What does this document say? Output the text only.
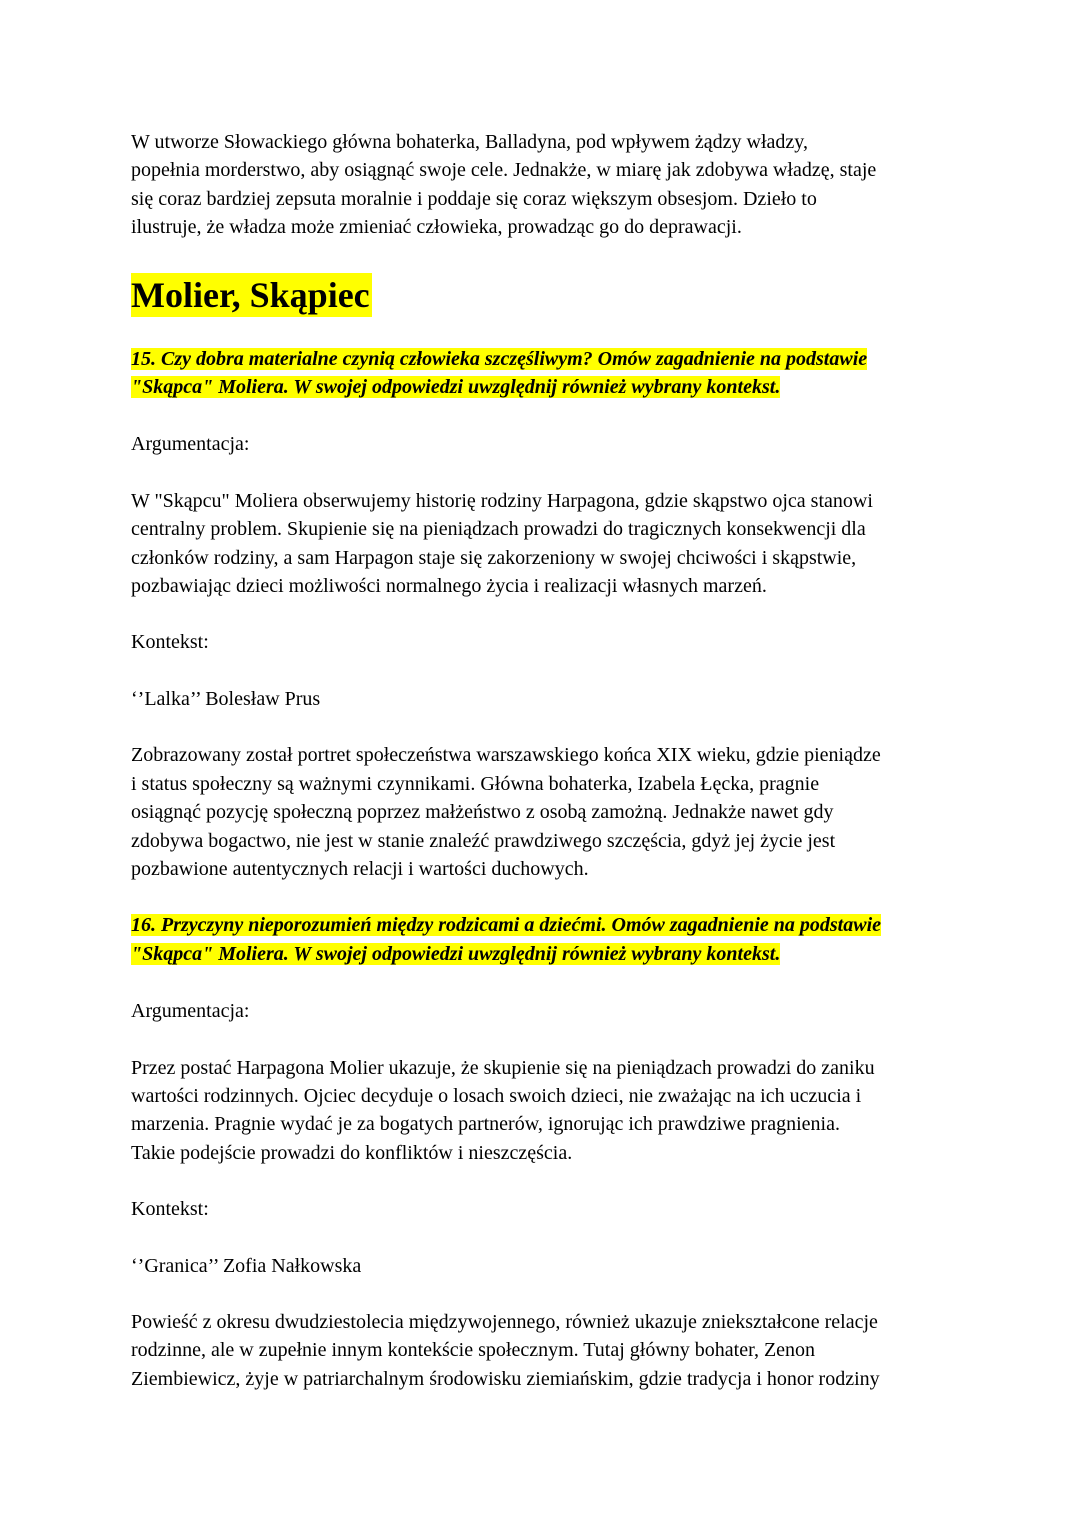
W utworze Słowackiego główna bohaterka, Balladyna, pod wpływem żądzy władzy,
popełnia morderstwo, aby osiągnąć swoje cele. Jednakże, w miarę jak zdobywa władzę, staje
się coraz bardziej zepsuta moralnie i poddaje się coraz większym obsesjom. Dzieło to
ilustruje, że władza może zmieniać człowieka, prowadząc go do deprawacji.

Molier, Skąpiec

15. Czy dobra materialne czynią człowieka szczęśliwym? Omów zagadnienie na podstawie
"Skąpca" Moliera. W swojej odpowiedzi uwzględnij również wybrany kontekst.

Argumentacja:

W "Skąpcu" Moliera obserwujemy historię rodziny Harpagona, gdzie skąpstwo ojca stanowi
centralny problem. Skupienie się na pieniądzach prowadzi do tragicznych konsekwencji dla
członków rodziny, a sam Harpagon staje się zakorzeniony w swojej chciwości i skąpstwie,
pozbawiając dzieci możliwości normalnego życia i realizacji własnych marzeń.

Kontekst:

‘’Lalka’’ Bolesław Prus

Zobrazowany został portret społeczeństwa warszawskiego końca XIX wieku, gdzie pieniądze
i status społeczny są ważnymi czynnikami. Główna bohaterka, Izabela Łęcka, pragnie
osiągnąć pozycję społeczną poprzez małżeństwo z osobą zamożną. Jednakże nawet gdy
zdobywa bogactwo, nie jest w stanie znaleźć prawdziwego szczęścia, gdyż jej życie jest
pozbawione autentycznych relacji i wartości duchowych.

16. Przyczyny nieporozumień między rodzicami a dziećmi. Omów zagadnienie na podstawie
"Skąpca" Moliera. W swojej odpowiedzi uwzględnij również wybrany kontekst.

Argumentacja:

Przez postać Harpagona Molier ukazuje, że skupienie się na pieniądzach prowadzi do zaniku
wartości rodzinnych. Ojciec decyduje o losach swoich dzieci, nie zważając na ich uczucia i
marzenia. Pragnie wydać je za bogatych partnerów, ignorując ich prawdziwe pragnienia.
Takie podejście prowadzi do konfliktów i nieszczęścia.

Kontekst:

‘’Granica’’ Zofia Nałkowska

Powieść z okresu dwudziestolecia międzywojennego, również ukazuje zniekształcone relacje
rodzinne, ale w zupełnie innym kontekście społecznym. Tutaj główny bohater, Zenon
Ziembiewicz, żyje w patriarchalnym środowisku ziemiańskim, gdzie tradycja i honor rodziny
